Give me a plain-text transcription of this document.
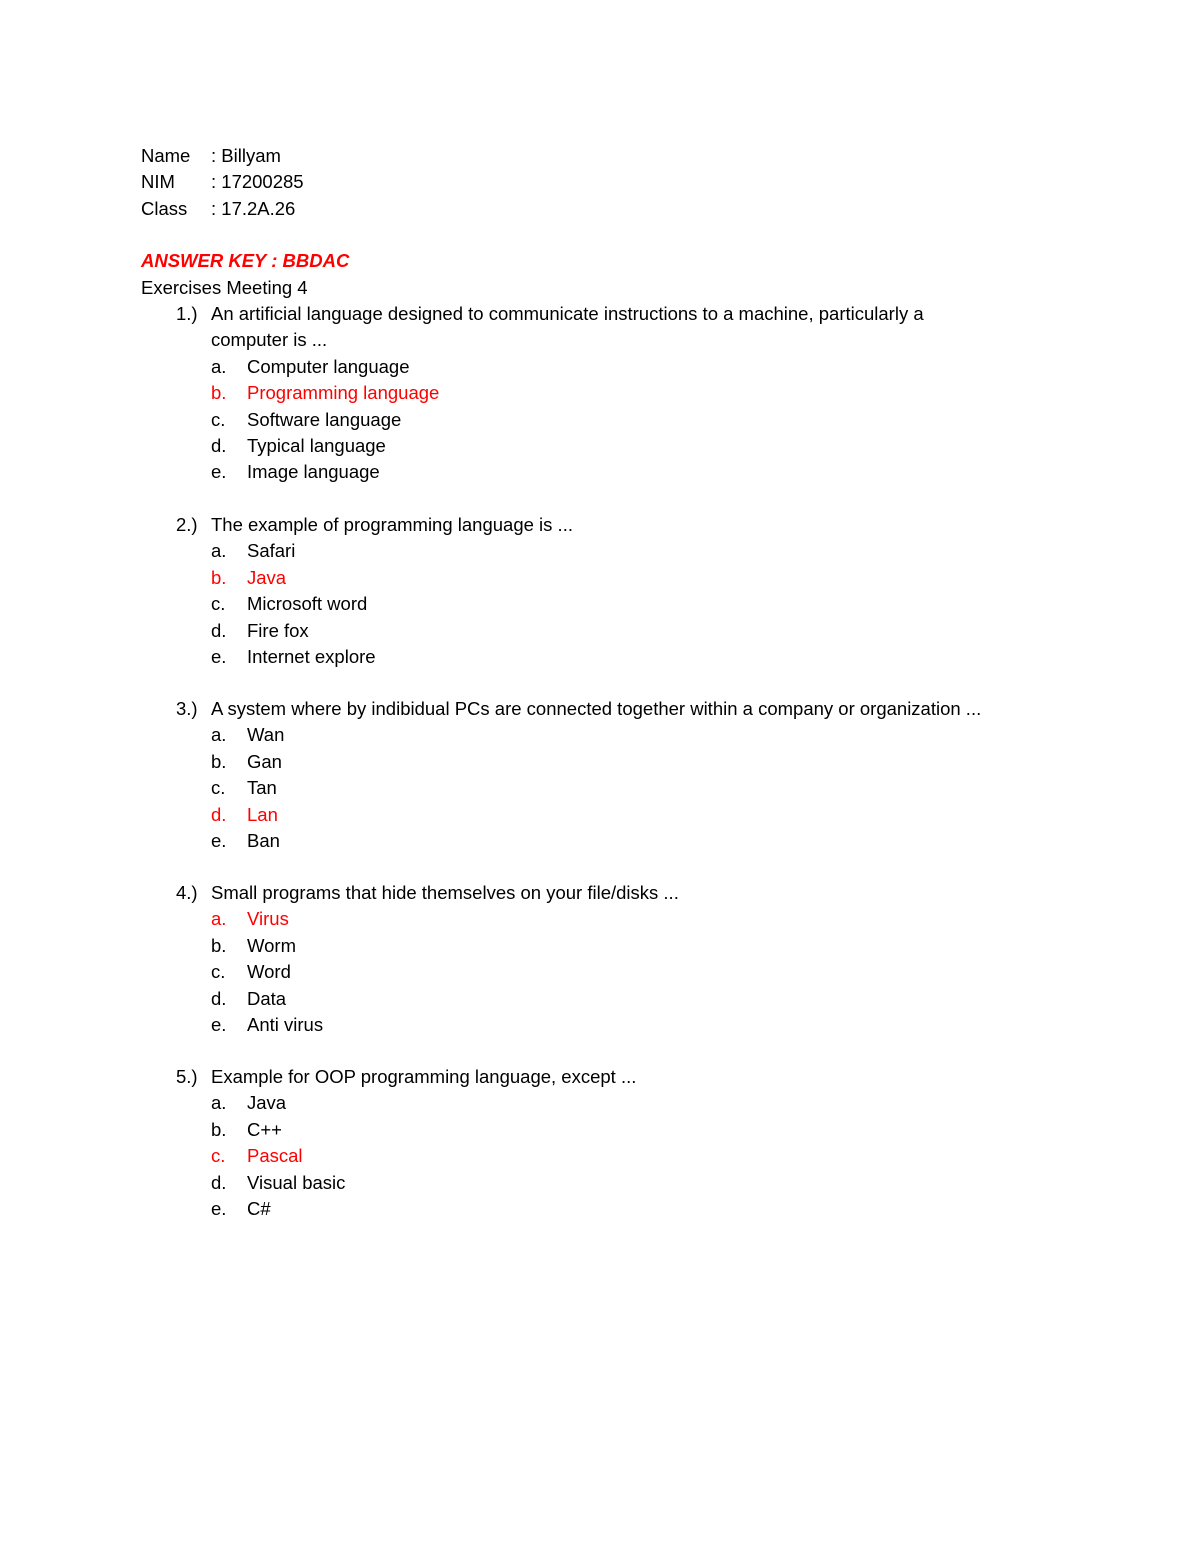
Name : Billyam
NIM : 17200285
Class : 17.2A.26
ANSWER KEY : BBDAC
Exercises Meeting 4
1.) An artificial language designed to communicate instructions to a machine, particularly a
computer is ...
a. Computer language
b. Programming language
c. Software language
d. Typical language
e. Image language
2.) The example of programming language is ...
a. Safari
b. Java
c. Microsoft word
d. Fire fox
e. Internet explore
3.) A system where by indibidual PCs are connected together within a company or organization ...
a. Wan
b. Gan
c. Tan
d. Lan
e. Ban
4.) Small programs that hide themselves on your file/disks ...
a. Virus
b. Worm
c. Word
d. Data
e. Anti virus
5.) Example for OOP programming language, except ...
a. Java
b. C++
c. Pascal
d. Visual basic
e. C#
